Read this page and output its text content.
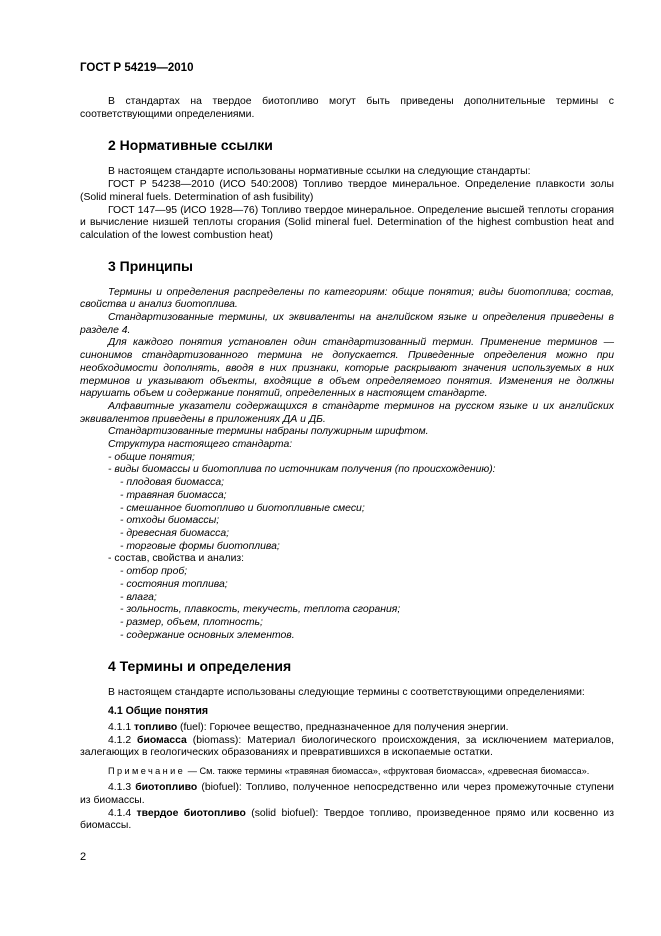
ГОСТ Р 54219—2010

В стандартах на твердое биотопливо могут быть приведены дополнительные термины с соответствующими определениями.

2 Нормативные ссылки

В настоящем стандарте использованы нормативные ссылки на следующие стандарты:

ГОСТ Р 54238—2010 (ИСО 540:2008) Топливо твердое минеральное. Определение плавкости золы (Solid mineral fuels. Determination of ash fusibility)

ГОСТ 147—95 (ИСО 1928—76) Топливо твердое минеральное. Определение высшей теплоты сгорания и вычисление низшей теплоты сгорания (Solid mineral fuel. Determination of the highest combustion heat and calculation of the lowest combustion heat)

3 Принципы

Термины и определения распределены по категориям: общие понятия; виды биотоплива; состав, свойства и анализ биотоплива.

Стандартизованные термины, их эквиваленты на английском языке и определения приведены в разделе 4.

Для каждого понятия установлен один стандартизованный термин. Применение терминов — синонимов стандартизованного термина не допускается. Приведенные определения можно при необходимости дополнять, вводя в них признаки, которые раскрывают значения используемых в них терминов и указывают объекты, входящие в объем определяемого понятия. Изменения не должны нарушать объем и содержание понятий, определенных в настоящем стандарте.

Алфавитные указатели содержащихся в стандарте терминов на русском языке и их английских эквивалентов приведены в приложениях ДА и ДБ.

Стандартизованные термины набраны полужирным шрифтом.

Структура настоящего стандарта:

- общие понятия;

- виды биомассы и биотоплива по источникам получения (по происхождению):

- плодовая биомасса;

- травяная биомасса;

- смешанное биотопливо и биотопливные смеси;

- отходы биомассы;

- древесная биомасса;

- торговые формы биотоплива;

- состав, свойства и анализ:

- отбор проб;

- состояния топлива;

- влага;

- зольность, плавкость, текучесть, теплота сгорания;

- размер, объем, плотность;

- содержание основных элементов.

4 Термины и определения

В настоящем стандарте использованы следующие термины с соответствующими определениями:

4.1 Общие понятия

4.1.1 топливо (fuel): Горючее вещество, предназначенное для получения энергии.

4.1.2 биомасса (biomass): Материал биологического происхождения, за исключением материалов, залегающих в геологических образованиях и превратившихся в ископаемые остатки.

Примечание — См. также термины «травяная биомасса», «фруктовая биомасса», «древесная биомасса».

4.1.3 биотопливо (biofuel): Топливо, полученное непосредственно или через промежуточные ступени из биомассы.

4.1.4 твердое биотопливо (solid biofuel): Твердое топливо, произведенное прямо или косвенно из биомассы.

2
